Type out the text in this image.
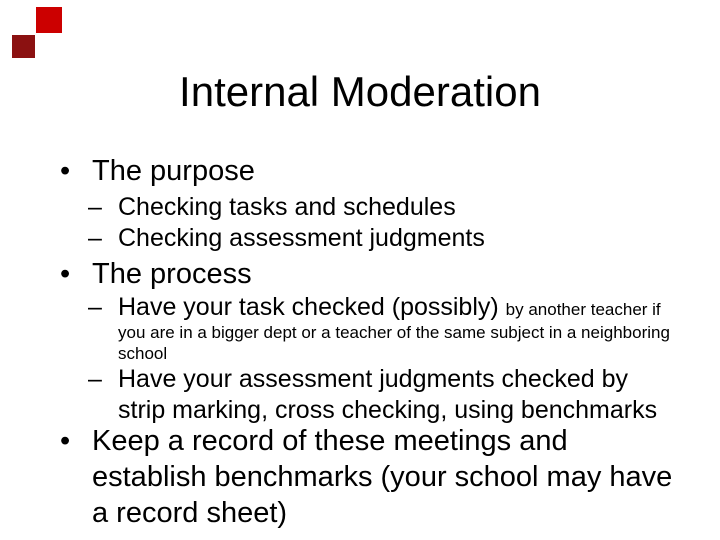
Internal Moderation
• The purpose
– Checking tasks and schedules
– Checking assessment judgments
• The process
– Have your task checked (possibly) by another teacher if
you are in a bigger dept or a teacher of the same subject in a neighboring
school
– Have your assessment judgments checked by
strip marking, cross checking, using benchmarks
• Keep a record of these meetings and
establish benchmarks (your school may have
a record sheet)
